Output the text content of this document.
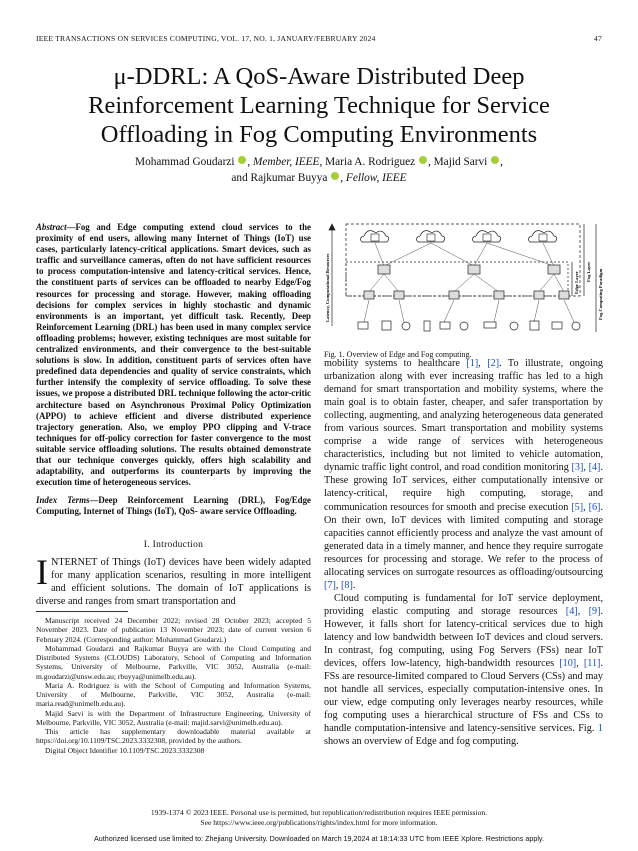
IEEE TRANSACTIONS ON SERVICES COMPUTING, VOL. 17, NO. 1, JANUARY/FEBRUARY 2024	47
μ-DDRL: A QoS-Aware Distributed Deep Reinforcement Learning Technique for Service Offloading in Fog Computing Environments
Mohammad Goudarzi , Member, IEEE, Maria A. Rodriguez , Majid Sarvi ,
and Rajkumar Buyya , Fellow, IEEE
Abstract—Fog and Edge computing extend cloud services to the proximity of end users, allowing many Internet of Things (IoT) use cases, particularly latency-critical applications. Smart devices, such as traffic and surveillance cameras, often do not have sufficient resources to process computation-intensive and latency-critical services. Hence, the constituent parts of services can be offloaded to nearby Edge/Fog resources for processing and storage. However, making offloading decisions for complex services in highly stochastic and dynamic environments is an important, yet difficult task. Recently, Deep Reinforcement Learning (DRL) has been used in many complex service offloading problems; however, existing techniques are most suitable for centralized environments, and their convergence to the best-suitable solutions is slow. In addition, constituent parts of services often have predefined data dependencies and quality of service constraints, which further intensify the complexity of service offloading. To solve these issues, we propose a distributed DRL technique following the actor-critic architecture based on Asynchronous Proximal Policy Optimization (APPO) to achieve efficient and diverse distributed experience trajectory generation. Also, we employ PPO clipping and V-trace techniques for off-policy correction for faster convergence to the most suitable service offloading solutions. The results obtained demonstrate that our technique converges quickly, offers high scalability and adaptability, and outperforms its counterparts by improving the execution time of heterogeneous services.
Index Terms—Deep Reinforcement Learning (DRL), Fog/Edge Computing, Internet of Things (IoT), QoS- aware service Offloading.
I. Introduction
INTERNET of Things (IoT) devices have been widely adapted for many application scenarios, resulting in more intelligent and efficient solutions. The domain of IoT applications is diverse and ranges from smart transportation and

Manuscript received 24 December 2022; revised 28 October 2023; accepted 5 November 2023. Date of publication 13 November 2023; date of current version 6 February 2024. (Corresponding author: Mohammad Goudarzi.)

Mohammad Goudarzi and Rajkumar Buyya are with the Cloud Computing and Distributed Systems (CLOUDS) Laboratory, School of Computing and Information Systems, University of Melbourne, Parkville, VIC 3052, Australia (e-mail: m.goudarzi@unsw.edu.au; rbuyya@unimelb.edu.au).

Maria A. Rodriguez is with the School of Computing and Information Systems, University of Melbourne, Parkville, VIC 3052, Australia (e-mail: maria.read@unimelb.edu.au).

Majid Sarvi is with the Department of Infrastructure Engineering, University of Melbourne, Parkville, VIC 3052, Australia (e-mail: majid.sarvi@unimelb.edu.au).

This article has supplementary downloadable material available at https://doi.org/10.1109/TSC.2023.3332308, provided by the authors.

Digital Object Identifier 10.1109/TSC.2023.3332308

Latency, Computational Resources	Edge Layer Fog Layer Fog Computing Paradigm
Fig. 1. Overview of Edge and Fog computing.

mobility systems to healthcare [1], [2]. To illustrate, ongoing urbanization along with ever increasing traffic has led to a high demand for smart transportation and mobility systems, where the main goal is to obtain faster, cheaper, and safer transportation by collecting, augmenting, and analyzing heterogeneous data generated from various sources. Smart transportation and mobility systems comprise a wide range of services with heterogeneous characteristics, including but not limited to vehicle automation, dynamic traffic light control, and road condition monitoring [3], [4]. These growing IoT services, either computationally intensive or latency-critical, require high computing, storage, and communication resources for smooth and precise execution [5], [6]. On their own, IoT devices with limited computing and storage capacities cannot efficiently process and analyze the vast amount of generated data in a timely manner, and hence they require surrogate resources for processing and storage. We refer to the process of allocating services on surrogate resources as offloading/outsourcing [7], [8].

Cloud computing is fundamental for IoT service deployment, providing elastic computing and storage resources [4], [9]. However, it falls short for latency-critical services due to high latency and low bandwidth between IoT devices and cloud servers. In contrast, fog computing, using Fog Servers (FSs) near IoT devices, offers low-latency, high-bandwidth resources [10], [11]. FSs are resource-limited compared to Cloud Servers (CSs) and may not handle all services, especially computation-intensive ones. In our view, edge computing only leverages nearby resources, while fog computing uses a hierarchical structure of FSs and CSs to handle computation-intensive and latency-sensitive services. Fig. 1 shows an overview of Edge and fog computing.

1939-1374 © 2023 IEEE. Personal use is permitted, but republication/redistribution requires IEEE permission.
See https://www.ieee.org/publications/rights/index.html for more information.
Authorized licensed use limited to: Zhejiang University. Downloaded on March 19,2024 at 18:14:33 UTC from IEEE Xplore. Restrictions apply.
